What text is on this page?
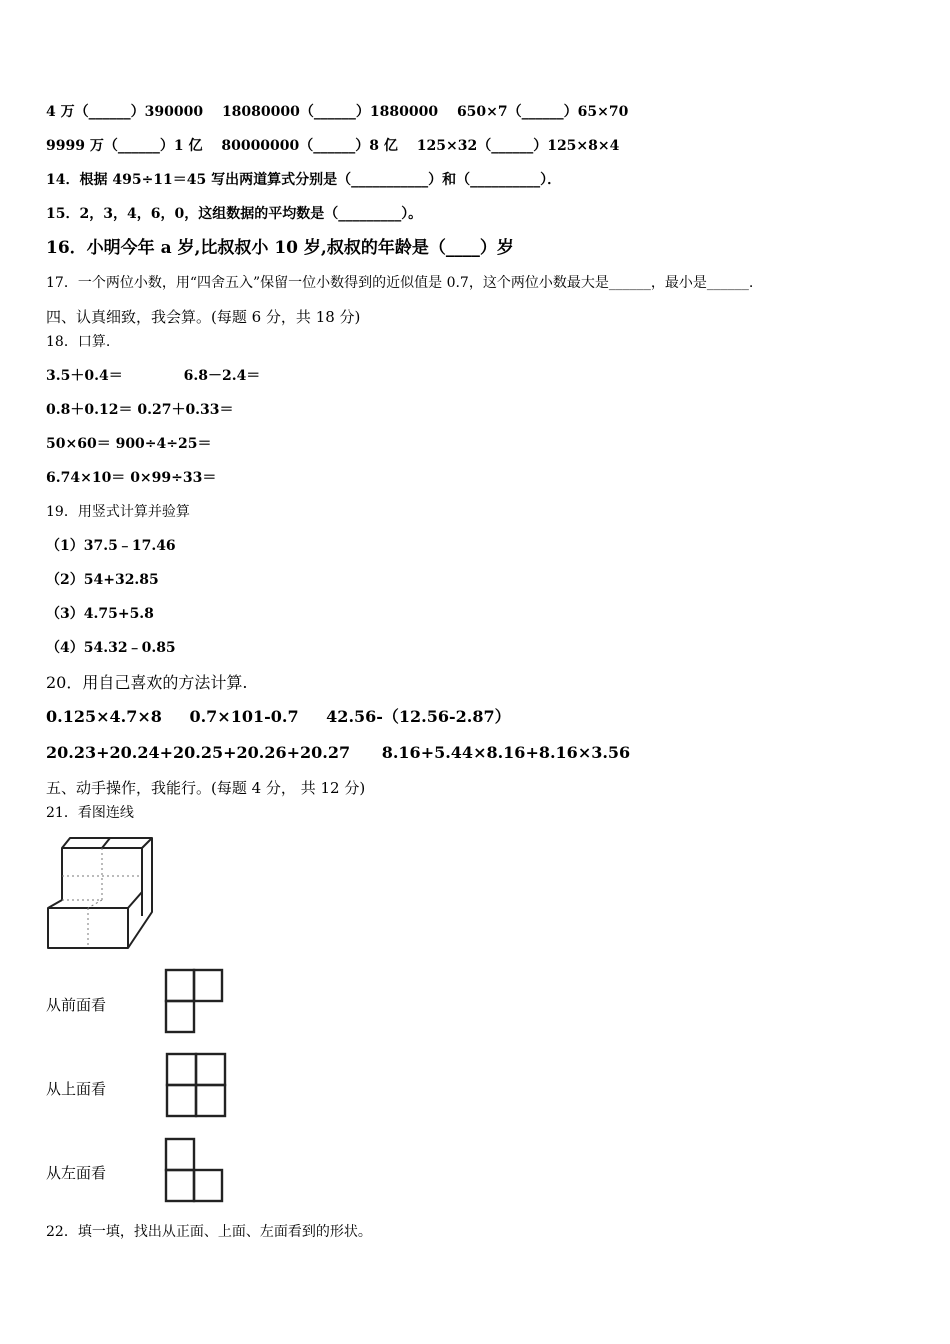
4 万（______）390000 18080000（______）1880000 650×7（______）65×70
9999 万（______）1 亿 80000000（______）8 亿 125×32（______）125×8×4
14．根据 495÷11＝45 写出两道算式分别是（___________）和（__________）．
15．2，3，4，6，0，这组数据的平均数是（_________）。
16．小明今年 a 岁,比叔叔小 10 岁,叔叔的年龄是（____）岁
17．一个两位小数，用“四舍五入”保留一位小数得到的近似值是 0.7，这个两位小数最大是______，最小是______.
四、认真细致，我会算。(每题 6 分，共 18 分)
18．口算.
3.5＋0.4＝	6.8－2.4＝
0.8＋0.12＝ 0.27＋0.33＝
50×60＝ 900÷4÷25＝
6.74×10＝ 0×99÷33＝
19．用竖式计算并验算
（1）37.5﹣17.46
（2）54+32.85
（3）4.75+5.8
（4）54.32﹣0.85
20．用自己喜欢的方法计算.
0.125×4.7×8 0.7×101-0.7 42.56-（12.56-2.87）
20.23+20.24+20.25+20.26+20.27 8.16+5.44×8.16+8.16×3.56
五、动手操作，我能行。(每题 4 分， 共 12 分)
21．看图连线
从前面看
从上面看
从左面看
22．填一填，找出从正面、上面、左面看到的形状。
